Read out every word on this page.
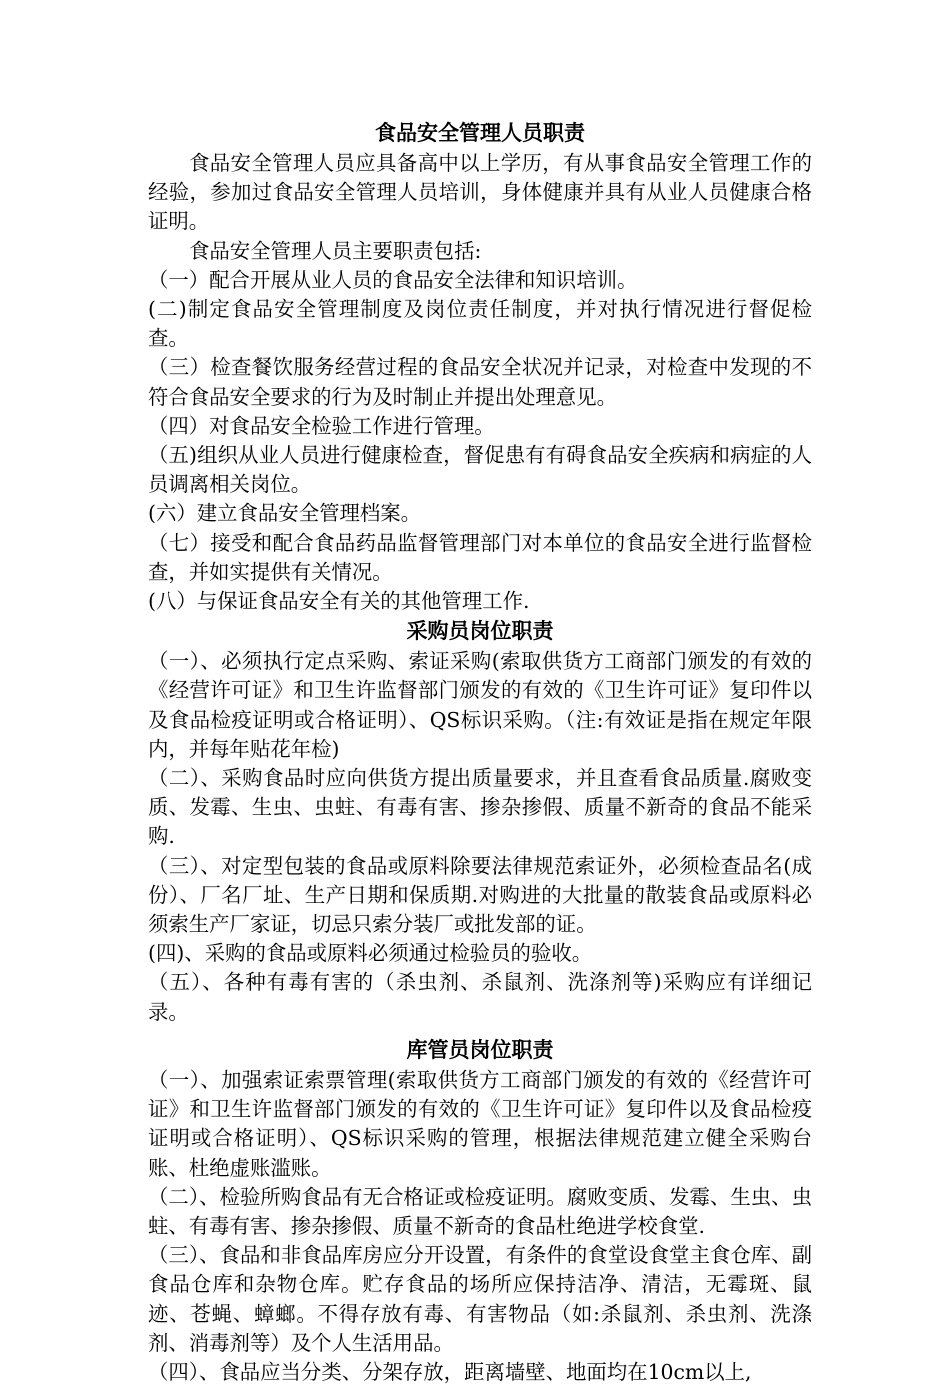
食品安全管理人员职责

食品安全管理人员应具备高中以上学历，有从事食品安全管理工作的经验，参加过食品安全管理人员培训，身体健康并具有从业人员健康合格证明。

食品安全管理人员主要职责包括:

（一）配合开展从业人员的食品安全法律和知识培训。

(二)制定食品安全管理制度及岗位责任制度，并对执行情况进行督促检查。

（三）检查餐饮服务经营过程的食品安全状况并记录，对检查中发现的不符合食品安全要求的行为及时制止并提出处理意见。

（四）对食品安全检验工作进行管理。

（五)组织从业人员进行健康检查，督促患有有碍食品安全疾病和病症的人员调离相关岗位。

(六）建立食品安全管理档案。

（七）接受和配合食品药品监督管理部门对本单位的食品安全进行监督检查，并如实提供有关情况。

(八）与保证食品安全有关的其他管理工作.

采购员岗位职责

（一）、必须执行定点采购、索证采购(索取供货方工商部门颁发的有效的《经营许可证》和卫生许监督部门颁发的有效的《卫生许可证》复印件以及食品检疫证明或合格证明）、QS标识采购。（注:有效证是指在规定年限内，并每年贴花年检)

（二）、采购食品时应向供货方提出质量要求，并且查看食品质量.腐败变质、发霉、生虫、虫蛀、有毒有害、掺杂掺假、质量不新奇的食品不能采购.

（三）、对定型包装的食品或原料除要法律规范索证外，必须检查品名(成份）、厂名厂址、生产日期和保质期.对购进的大批量的散装食品或原料必须索生产厂家证，切忌只索分装厂或批发部的证。

(四)、采购的食品或原料必须通过检验员的验收。

（五）、各种有毒有害的（杀虫剂、杀鼠剂、洗涤剂等)采购应有详细记录。

库管员岗位职责

（一）、加强索证索票管理(索取供货方工商部门颁发的有效的《经营许可证》和卫生许监督部门颁发的有效的《卫生许可证》复印件以及食品检疫证明或合格证明）、QS标识采购的管理，根据法律规范建立健全采购台账、杜绝虚账滥账。

（二）、检验所购食品有无合格证或检疫证明。腐败变质、发霉、生虫、虫蛀、有毒有害、掺杂掺假、质量不新奇的食品杜绝进学校食堂.

（三）、食品和非食品库房应分开设置，有条件的食堂设食堂主食仓库、副食品仓库和杂物仓库。贮存食品的场所应保持洁净、清洁，无霉斑、鼠迹、苍蝇、蟑螂。不得存放有毒、有害物品（如:杀鼠剂、杀虫剂、洗涤剂、消毒剂等）及个人生活用品。

（四）、食品应当分类、分架存放，距离墙壁、地面均在10cm以上,
